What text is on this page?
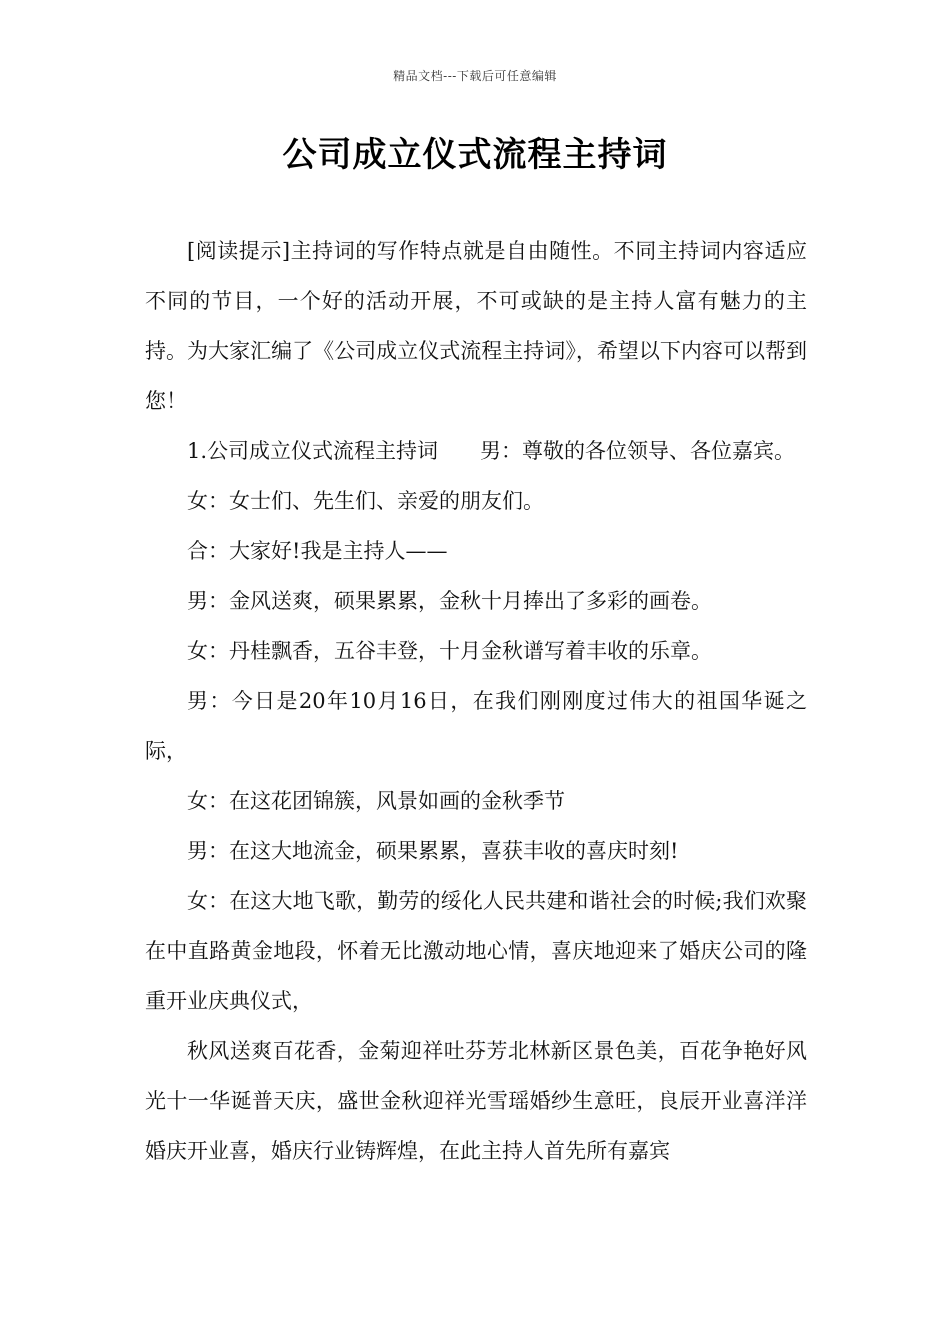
精品文档---下载后可任意编辑
公司成立仪式流程主持词

[阅读提示]主持词的写作特点就是自由随性。不同主持词内容适应不同的节目，一个好的活动开展，不可或缺的是主持人富有魅力的主持。为大家汇编了《公司成立仪式流程主持词》，希望以下内容可以帮到您！

1.公司成立仪式流程主持词　　男：尊敬的各位领导、各位嘉宾。

女：女士们、先生们、亲爱的朋友们。

合：大家好!我是主持人——

男：金风送爽，硕果累累，金秋十月捧出了多彩的画卷。

女：丹桂飘香，五谷丰登，十月金秋谱写着丰收的乐章。

男：今日是20年10月16日，在我们刚刚度过伟大的祖国华诞之际，

女：在这花团锦簇，风景如画的金秋季节

男：在这大地流金，硕果累累，喜获丰收的喜庆时刻!

女：在这大地飞歌，勤劳的绥化人民共建和谐社会的时候;我们欢聚在中直路黄金地段，怀着无比激动地心情，喜庆地迎来了婚庆公司的隆重开业庆典仪式，

秋风送爽百花香，金菊迎祥吐芬芳北林新区景色美，百花争艳好风光十一华诞普天庆，盛世金秋迎祥光雪瑶婚纱生意旺，良辰开业喜洋洋婚庆开业喜，婚庆行业铸辉煌，在此主持人首先所有嘉宾
